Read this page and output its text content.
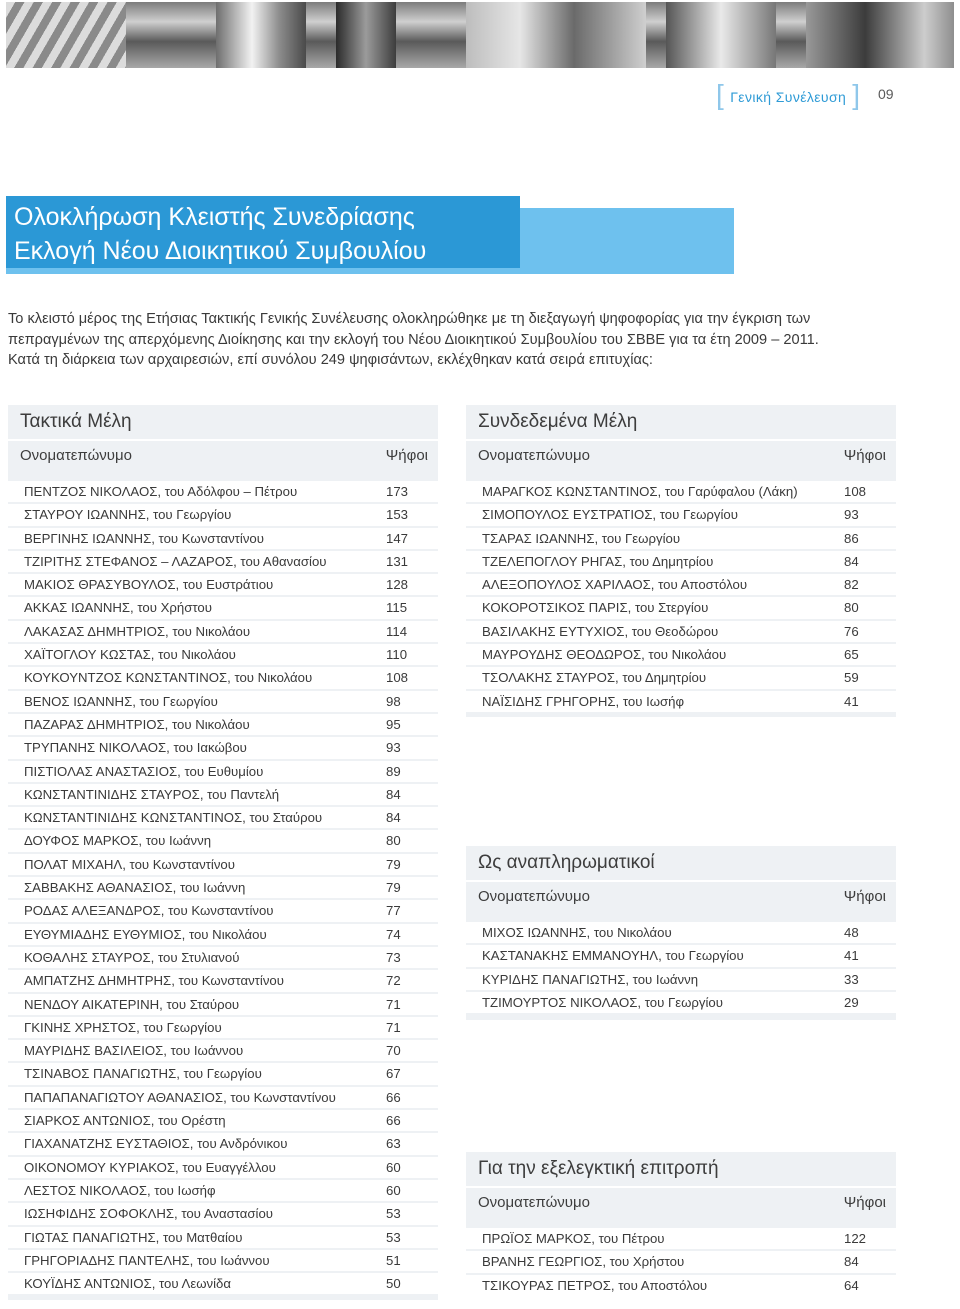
[ Γενική Συνέλευση ] 09
Ολοκλήρωση Κλειστής Συνεδρίασης
Εκλογή Νέου Διοικητικού Συμβουλίου

Το κλειστό μέρος της Ετήσιας Τακτικής Γενικής Συνέλευσης ολοκληρώθηκε με τη διεξαγωγή ψηφοφορίας για την έγκριση των

πεπραγμένων της απερχόμενης Διοίκησης και την εκλογή του Νέου Διοικητικού Συμβουλίου του ΣΒΒΕ για τα έτη 2009 – 2011.

Κατά τη διάρκεια των αρχαιρεσιών, επί συνόλου 249 ψηφισάντων, εκλέχθηκαν κατά σειρά επιτυχίας:

Τακτικά Μέλη
Ονοματεπώνυμο	Ψήφοι
ΠΕΝΤΖΟΣ ΝΙΚΟΛΑΟΣ, του Αδόλφου – Πέτρου	173
ΣΤΑΥΡΟΥ ΙΩΑΝΝΗΣ, του Γεωργίου	153
ΒΕΡΓΙΝΗΣ ΙΩΑΝΝΗΣ, του Κωνσταντίνου	147
ΤΖΙΡΙΤΗΣ ΣΤΕΦΑΝΟΣ – ΛΑΖΑΡΟΣ, του Αθανασίου	131
ΜΑΚΙΟΣ ΘΡΑΣΥΒΟΥΛΟΣ, του Ευστράτιου	128
ΑΚΚΑΣ ΙΩΑΝΝΗΣ, του Χρήστου	115
ΛΑΚΑΣΑΣ ΔΗΜΗΤΡΙΟΣ, του Νικολάου	114
ΧΑΪΤΟΓΛΟΥ ΚΩΣΤΑΣ, του Νικολάου	110
ΚΟΥΚΟΥΝΤΖΟΣ ΚΩΝΣΤΑΝΤΙΝΟΣ, του Νικολάου	108
ΒΕΝΟΣ ΙΩΑΝΝΗΣ, του Γεωργίου	98
ΠΑΖΑΡΑΣ ΔΗΜΗΤΡΙΟΣ, του Νικολάου	95
ΤΡΥΠΑΝΗΣ ΝΙΚΟΛΑΟΣ, του Ιακώβου	93
ΠΙΣΤΙΟΛΑΣ ΑΝΑΣΤΑΣΙΟΣ, του Ευθυμίου	89
ΚΩΝΣΤΑΝΤΙΝΙΔΗΣ ΣΤΑΥΡΟΣ, του Παντελή	84
ΚΩΝΣΤΑΝΤΙΝΙΔΗΣ ΚΩΝΣΤΑΝΤΙΝΟΣ, του Σταύρου	84
ΔΟΥΦΟΣ ΜΑΡΚΟΣ, του Ιωάννη	80
ΠΟΛΑΤ ΜΙΧΑΗΛ, του Κωνσταντίνου	79
ΣΑΒΒΑΚΗΣ ΑΘΑΝΑΣΙΟΣ, του Ιωάννη	79
ΡΟΔΑΣ ΑΛΕΞΑΝΔΡΟΣ, του Κωνσταντίνου	77
ΕΥΘΥΜΙΑΔΗΣ ΕΥΘΥΜΙΟΣ, του Νικολάου	74
ΚΟΘΑΛΗΣ ΣΤΑΥΡΟΣ, του Στυλιανού	73
ΑΜΠΑΤΖΗΣ ΔΗΜΗΤΡΗΣ, του Κωνσταντίνου	72
ΝΕΝΔΟΥ ΑΙΚΑΤΕΡΙΝΗ, του Σταύρου	71
ΓΚΙΝΗΣ ΧΡΗΣΤΟΣ, του Γεωργίου	71
ΜΑΥΡΙΔΗΣ ΒΑΣΙΛΕΙΟΣ, του Ιωάννου	70
ΤΣΙΝΑΒΟΣ ΠΑΝΑΓΙΩΤΗΣ, του Γεωργίου	67
ΠΑΠΑΠΑΝΑΓΙΩΤΟΥ ΑΘΑΝΑΣΙΟΣ, του Κωνσταντίνου	66
ΣΙΑΡΚΟΣ ΑΝΤΩΝΙΟΣ, του Ορέστη	66
ΓΙΑΧΑΝΑΤΖΗΣ ΕΥΣΤΑΘΙΟΣ, του Ανδρόνικου	63
ΟΙΚΟΝΟΜΟΥ ΚΥΡΙΑΚΟΣ, του Ευαγγέλλου	60
ΛΕΣΤΟΣ ΝΙΚΟΛΑΟΣ, του Ιωσήφ	60
ΙΩΣΗΦΙΔΗΣ ΣΟΦΟΚΛΗΣ, του Αναστασίου	53
ΓΙΩΤΑΣ ΠΑΝΑΓΙΩΤΗΣ, του Ματθαίου	53
ΓΡΗΓΟΡΙΑΔΗΣ ΠΑΝΤΕΛΗΣ, του Ιωάννου	51
ΚΟΥΪΔΗΣ ΑΝΤΩΝΙΟΣ, του Λεωνίδα	50
Συνδεδεμένα Μέλη
Ονοματεπώνυμο	Ψήφοι
ΜΑΡΑΓΚΟΣ ΚΩΝΣΤΑΝΤΙΝΟΣ, του Γαρύφαλου (Λάκη)	108
ΣΙΜΟΠΟΥΛΟΣ ΕΥΣΤΡΑΤΙΟΣ, του Γεωργίου	93
ΤΣΑΡΑΣ ΙΩΑΝΝΗΣ, του Γεωργίου	86
ΤΖΕΛΕΠΟΓΛΟΥ ΡΗΓΑΣ, του Δημητρίου	84
ΑΛΕΞΟΠΟΥΛΟΣ ΧΑΡΙΛΑΟΣ, του Αποστόλου	82
ΚΟΚΟΡΟΤΣΙΚΟΣ ΠΑΡΙΣ, του Στεργίου	80
ΒΑΣΙΛΑΚΗΣ ΕΥΤΥΧΙΟΣ, του Θεοδώρου	76
ΜΑΥΡΟΥΔΗΣ ΘΕΟΔΩΡΟΣ, του Νικολάου	65
ΤΣΟΛΑΚΗΣ ΣΤΑΥΡΟΣ, του Δημητρίου	59
ΝΑΪΣΙΔΗΣ ΓΡΗΓΟΡΗΣ, του Ιωσήφ	41
Ως αναπληρωματικοί
Ονοματεπώνυμο	Ψήφοι
ΜΙΧΟΣ ΙΩΑΝΝΗΣ, του Νικολάου	48
ΚΑΣΤΑΝΑΚΗΣ ΕΜΜΑΝΟΥΗΛ, του Γεωργίου	41
ΚΥΡΙΔΗΣ ΠΑΝΑΓΙΩΤΗΣ, του Ιωάννη	33
ΤΖΙΜΟΥΡΤΟΣ ΝΙΚΟΛΑΟΣ, του Γεωργίου	29
Για την εξελεγκτική επιτροπή
Ονοματεπώνυμο	Ψήφοι
ΠΡΩΪΟΣ ΜΑΡΚΟΣ, του Πέτρου	122
ΒΡΑΝΗΣ ΓΕΩΡΓΙΟΣ, του Χρήστου	84
ΤΣΙΚΟΥΡΑΣ ΠΕΤΡΟΣ, του Αποστόλου	64
